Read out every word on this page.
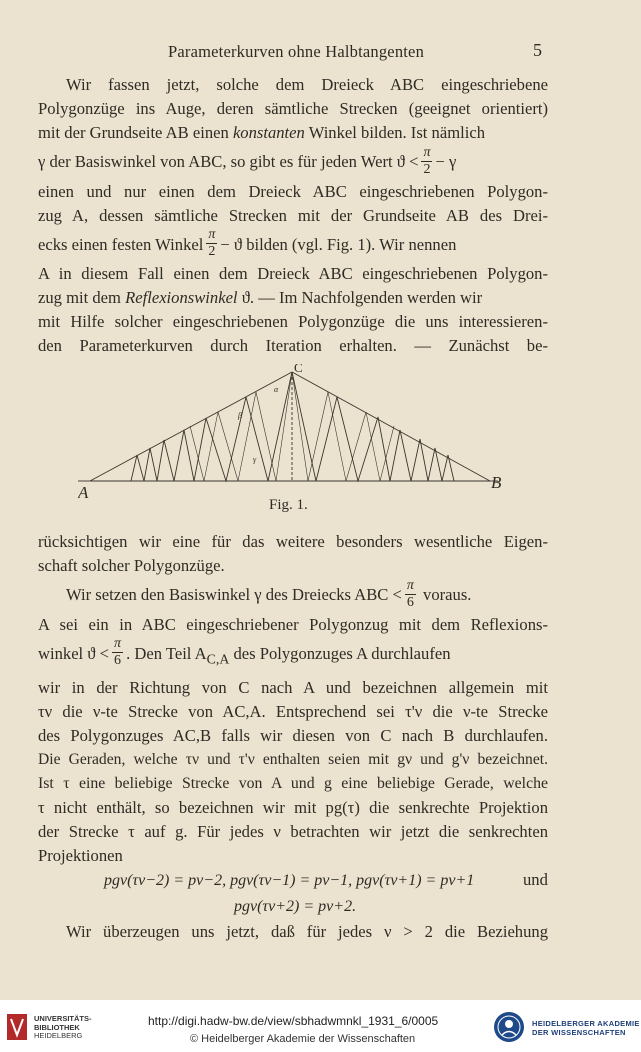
Parameterkurven ohne Halbtangenten	5
Wir fassen jetzt, solche dem Dreieck ABC eingeschriebene
Polygonzüge ins Auge, deren sämtliche Strecken (geeignet orientiert)
mit der Grundseite AB einen konstanten Winkel bilden. Ist nämlich
γ der Basiswinkel von ABC, so gibt es für jeden Wert $ϑ < \frac{\pi}{2} - \gamma$
einen und nur einen dem Dreieck ABC eingeschriebenen Polygon-
zug A, dessen sämtliche Strecken mit der Grundseite AB des Drei-
ecks einen festen Winkel $\frac{\pi}{2} - ϑ$ bilden (vgl. Fig. 1). Wir nennen
A in diesem Fall einen dem Dreieck ABC eingeschriebenen Polygon-
zug mit dem Reflexionswinkel ϑ. — Im Nachfolgenden werden wir
mit Hilfe solcher eingeschriebenen Polygonzüge die uns interessieren-
den Parameterkurven durch Iteration erhalten. — Zunächst be-
A
B
C
α
β
γ
Fig. 1.
rücksichtigen wir eine für das weitere besonders wesentliche Eigen-
schaft solcher Polygonzüge.
Wir setzen den Basiswinkel γ des Dreiecks ABC < $\frac{\pi}{6}$ voraus.
A sei ein in ABC eingeschriebener Polygonzug mit dem Reflexions-
winkel $ϑ < \frac{\pi}{6}$ . Den Teil $A_{C,A}$ des Polygonzuges A durchlaufen
wir in der Richtung von C nach A und bezeichnen allgemein mit
τν die ν-te Strecke von AC,A. Entsprechend sei τ'ν die ν-te Strecke
des Polygonzuges AC,B falls wir diesen von C nach B durchlaufen.
Die Geraden, welche τν und τ'ν enthalten seien mit gν und g'ν bezeichnet.
Ist τ eine beliebige Strecke von A und g eine beliebige Gerade, welche
τ nicht enthält, so bezeichnen wir mit pg(τ) die senkrechte Projektion
der Strecke τ auf g. Für jedes ν betrachten wir jetzt die senkrechten
Projektionen
pgν(τν−2) = pν−2, pgν(τν−1) = pν−1, pgν(τν+1) = pν+1	und
pgν(τν+2) = pν+2.
Wir überzeugen uns jetzt, daß für jedes ν > 2 die Beziehung
UNIVERSITÄTS-
BIBLIOTHEK
HEIDELBERG
http://digi.hadw-bw.de/view/sbhadwmnkl_1931_6/0005
© Heidelberger Akademie der Wissenschaften
HEIDELBERGER AKADEMIE
DER WISSENSCHAFTEN
